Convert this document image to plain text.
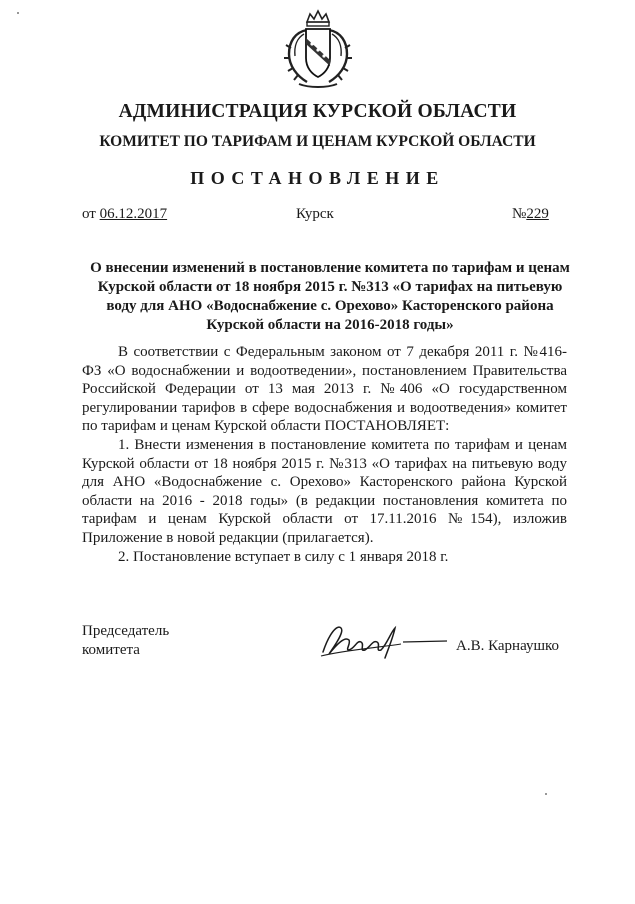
АДМИНИСТРАЦИЯ КУРСКОЙ ОБЛАСТИ
КОМИТЕТ ПО ТАРИФАМ И ЦЕНАМ КУРСКОЙ ОБЛАСТИ
ПОСТАНОВЛЕНИЕ
от 06.12.2017	Курск	№229
О внесении изменений в постановление комитета по тарифам и ценам
Курской области от 18 ноября 2015 г. №313 «О тарифах на питьевую
воду для АНО «Водоснабжение с. Орехово» Касторенского района
Курской области на 2016-2018 годы»

В соответствии с Федеральным законом от 7 декабря 2011 г. №416-ФЗ «О водоснабжении и водоотведении», постановлением Правительства Российской Федерации от 13 мая 2013 г. №406 «О государственном регулировании тарифов в сфере водоснабжения и водоотведения» комитет по тарифам и ценам Курской области ПОСТАНОВЛЯЕТ:

1. Внести изменения в постановление комитета по тарифам и ценам Курской области от 18 ноября 2015 г. №313 «О тарифах на питьевую воду для АНО «Водоснабжение с. Орехово» Касторенского района Курской области на 2016 - 2018 годы» (в редакции постановления комитета по тарифам и ценам Курской области от 17.11.2016 №154), изложив Приложение в новой редакции (прилагается).

2. Постановление вступает в силу с 1 января 2018 г.

Председатель
комитета	А.В. Карнаушко
